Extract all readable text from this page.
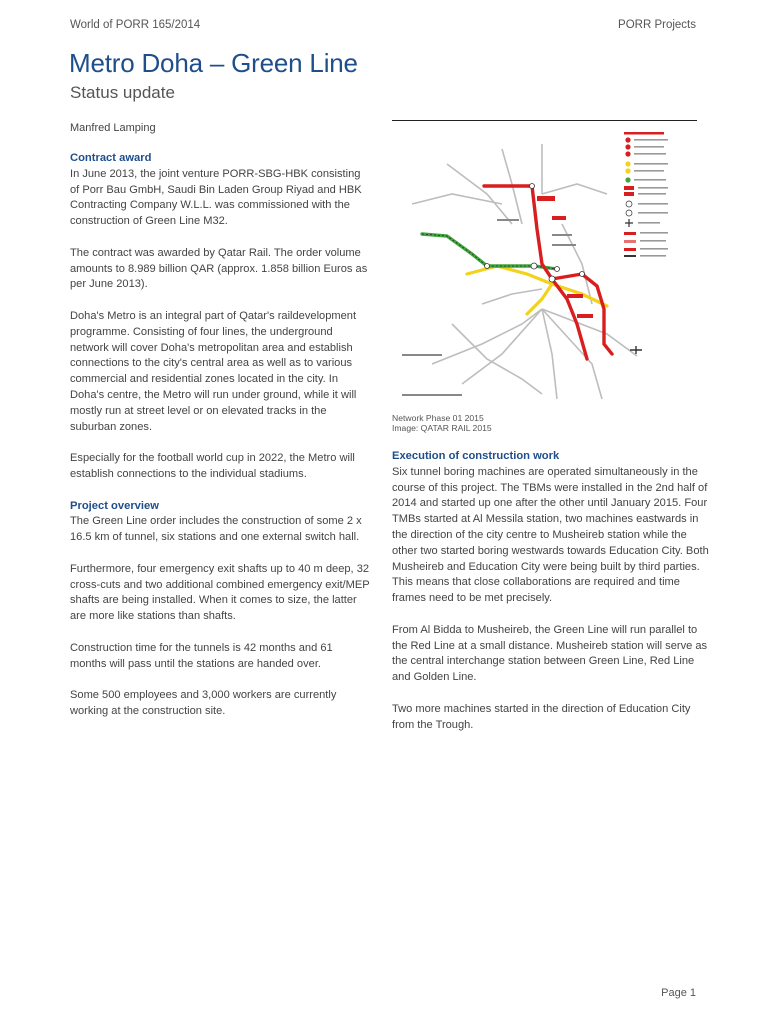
World of PORR 165/2014	PORR Projects
Metro Doha – Green Line
Status update
Manfred Lamping
Contract award

In June 2013, the joint venture PORR-SBG-HBK consisting of Porr Bau GmbH, Saudi Bin Laden Group Riyad and HBK Contracting Company W.L.L. was commissioned with the construction of Green Line M32.

The contract was awarded by Qatar Rail. The order volume amounts to 8.989 billion QAR (approx. 1.858 billion Euros as per June 2013).

Doha's Metro is an integral part of Qatar's raildevelopment programme. Consisting of four lines, the underground network will cover Doha's metropolitan area and establish connections to the city's central area as well as to various commercial and residential zones located in the city. In Doha's centre, the Metro will run under ground, while it will mostly run at street level or on elevated tracks in the suburban zones.

Especially for the football world cup in 2022, the Metro will establish connections to the individual stadiums.

Project overview

The Green Line order includes the construction of some 2 x 16.5 km of tunnel, six stations and one external switch hall.

Furthermore, four emergency exit shafts up to 40 m deep, 32 cross-cuts and two additional combined emergency exit/MEP shafts are being installed. When it comes to size, the latter are more like stations than shafts.

Construction time for the tunnels is 42 months and 61 months will pass until the stations are handed over.

Some 500 employees and 3,000 workers are currently working at the construction site.

Network Phase 01 2015
Image: QATAR RAIL 2015
Execution of construction work

Six tunnel boring machines are operated simultaneously in the course of this project. The TBMs were installed in the 2nd half of 2014 and started up one after the other until January 2015. Four TMBs started at Al Messila station, two machines eastwards in the direction of the city centre to Musheireb station while the other two started boring westwards towards Education City. Both Musheireb and Education City were being built by third parties. This means that close collaborations are required and time frames need to be met precisely.

From Al Bidda to Musheireb, the Green Line will run parallel to the Red Line at a small distance. Musheireb station will serve as the central interchange station between Green Line, Red Line and Golden Line.

Two more machines started in the direction of Education City from the Trough.

Page 1
